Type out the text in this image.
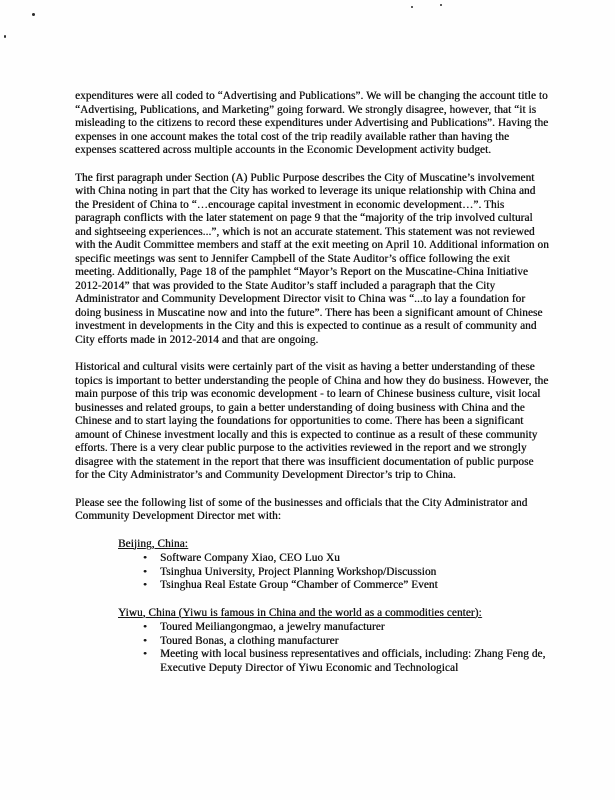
expenditures were all coded to “Advertising and Publications”. We will be changing the account title to “Advertising, Publications, and Marketing” going forward. We strongly disagree, however, that “it is misleading to the citizens to record these expenditures under Advertising and Publications”. Having the expenses in one account makes the total cost of the trip readily available rather than having the expenses scattered across multiple accounts in the Economic Development activity budget.

The first paragraph under Section (A) Public Purpose describes the City of Muscatine’s involvement with China noting in part that the City has worked to leverage its unique relationship with China and the President of China to “…encourage capital investment in economic development…”. This paragraph conflicts with the later statement on page 9 that the “majority of the trip involved cultural and sightseeing experiences...”, which is not an accurate statement. This statement was not reviewed with the Audit Committee members and staff at the exit meeting on April 10. Additional information on specific meetings was sent to Jennifer Campbell of the State Auditor’s office following the exit meeting. Additionally, Page 18 of the pamphlet “Mayor’s Report on the Muscatine-China Initiative 2012-2014” that was provided to the State Auditor’s staff included a paragraph that the City Administrator and Community Development Director visit to China was “...to lay a foundation for doing business in Muscatine now and into the future”. There has been a significant amount of Chinese investment in developments in the City and this is expected to continue as a result of community and City efforts made in 2012-2014 and that are ongoing.

Historical and cultural visits were certainly part of the visit as having a better understanding of these topics is important to better understanding the people of China and how they do business. However, the main purpose of this trip was economic development - to learn of Chinese business culture, visit local businesses and related groups, to gain a better understanding of doing business with China and the Chinese and to start laying the foundations for opportunities to come. There has been a significant amount of Chinese investment locally and this is expected to continue as a result of these community efforts. There is a very clear public purpose to the activities reviewed in the report and we strongly disagree with the statement in the report that there was insufficient documentation of public purpose for the City Administrator’s and Community Development Director’s trip to China.

Please see the following list of some of the businesses and officials that the City Administrator and Community Development Director met with:

Beijing, China:
• Software Company Xiao, CEO Luo Xu
• Tsinghua University, Project Planning Workshop/Discussion
• Tsinghua Real Estate Group “Chamber of Commerce” Event
Yiwu, China (Yiwu is famous in China and the world as a commodities center):
• Toured Meiliangongmao, a jewelry manufacturer
• Toured Bonas, a clothing manufacturer
• Meeting with local business representatives and officials, including: Zhang Feng de, Executive Deputy Director of Yiwu Economic and Technological
